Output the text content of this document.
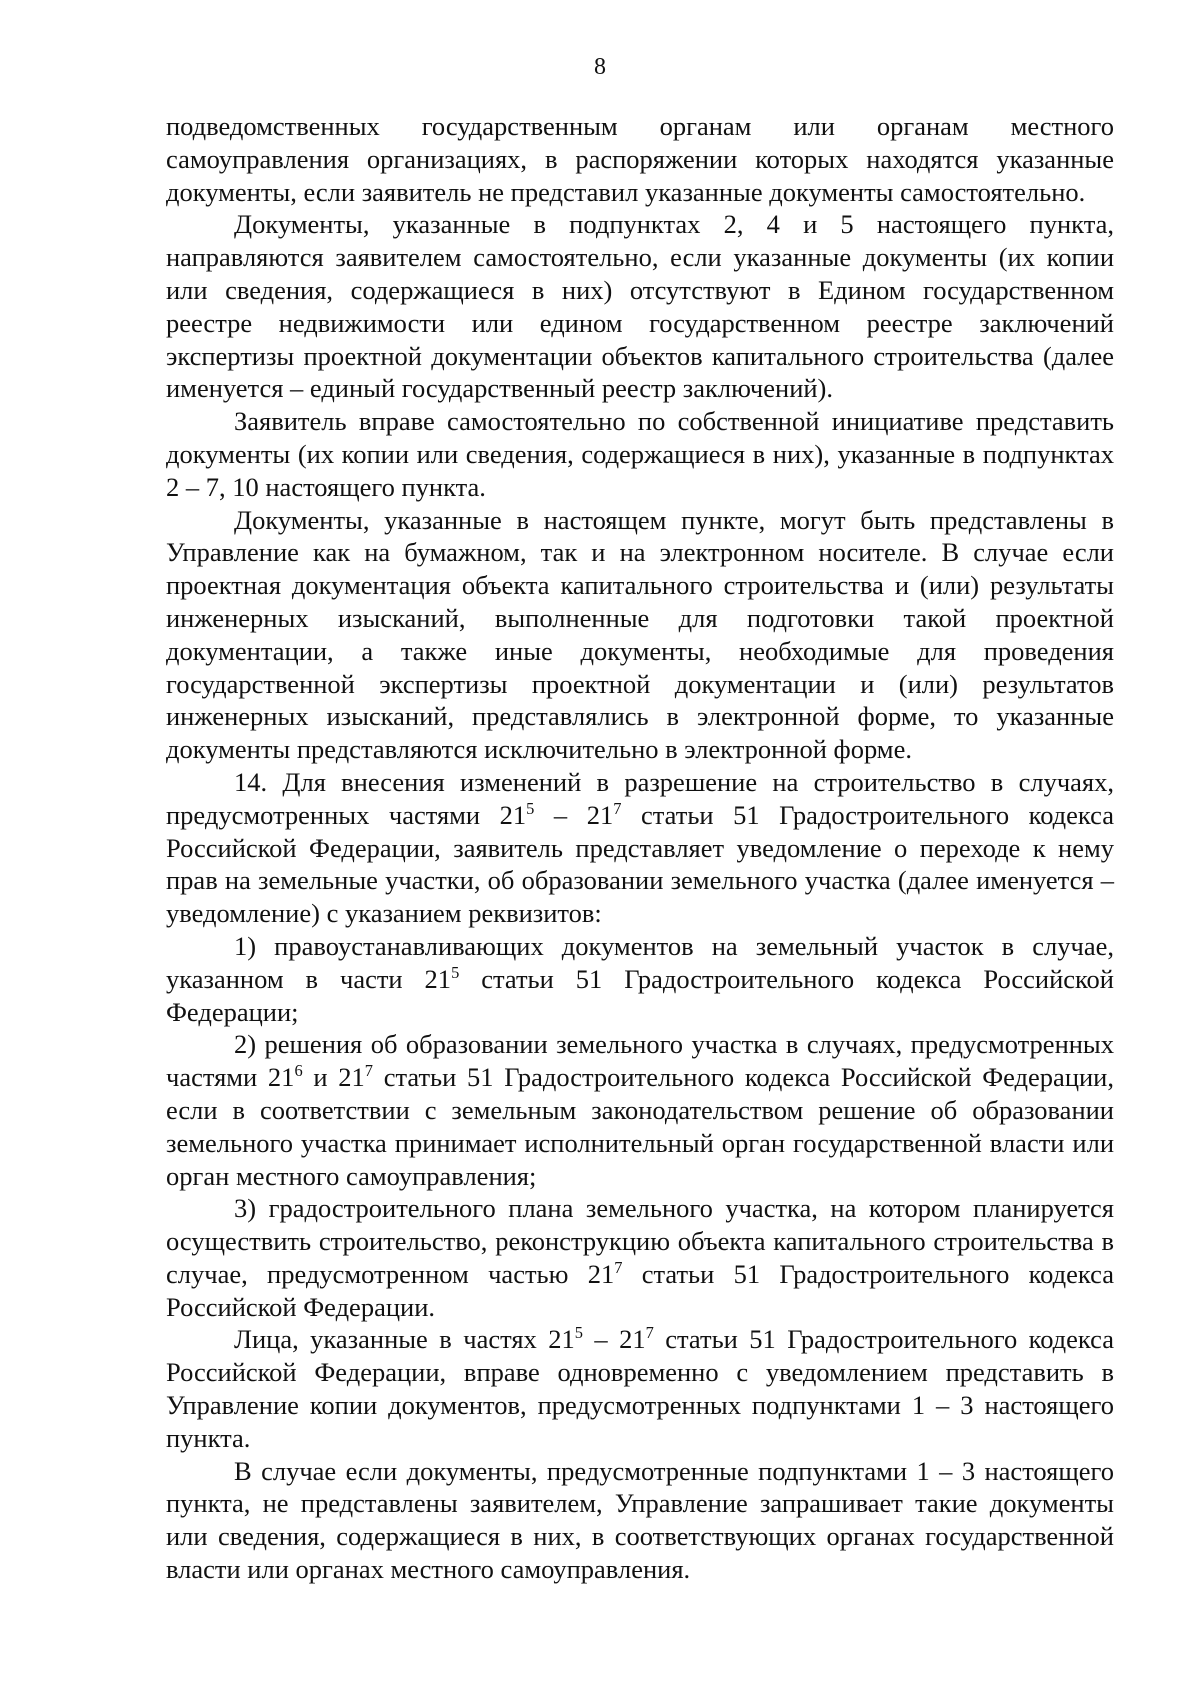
8

подведомственных государственным органам или органам местного самоуправления организациях, в распоряжении которых находятся указанные документы, если заявитель не представил указанные документы самостоятельно.

Документы, указанные в подпунктах 2, 4 и 5 настоящего пункта, направляются заявителем самостоятельно, если указанные документы (их копии или сведения, содержащиеся в них) отсутствуют в Едином государственном реестре недвижимости или едином государственном реестре заключений экспертизы проектной документации объектов капитального строительства (далее именуется – единый государственный реестр заключений).

Заявитель вправе самостоятельно по собственной инициативе представить документы (их копии или сведения, содержащиеся в них), указанные в подпунктах 2 – 7, 10 настоящего пункта.

Документы, указанные в настоящем пункте, могут быть представлены в Управление как на бумажном, так и на электронном носителе. В случае если проектная документация объекта капитального строительства и (или) результаты инженерных изысканий, выполненные для подготовки такой проектной документации, а также иные документы, необходимые для проведения государственной экспертизы проектной документации и (или) результатов инженерных изысканий, представлялись в электронной форме, то указанные документы представляются исключительно в электронной форме.

14. Для внесения изменений в разрешение на строительство в случаях, предусмотренных частями $21^5 - 21^7$ статьи 51 Градостроительного кодекса Российской Федерации, заявитель представляет уведомление о переходе к нему прав на земельные участки, об образовании земельного участка (далее именуется – уведомление) с указанием реквизитов:

1) правоустанавливающих документов на земельный участок в случае, указанном в части $21^5$ статьи 51 Градостроительного кодекса Российской Федерации;

2) решения об образовании земельного участка в случаях, предусмотренных частями $21^6$ и $21^7$ статьи 51 Градостроительного кодекса Российской Федерации, если в соответствии с земельным законодательством решение об образовании земельного участка принимает исполнительный орган государственной власти или орган местного самоуправления;

3) градостроительного плана земельного участка, на котором планируется осуществить строительство, реконструкцию объекта капитального строительства в случае, предусмотренном частью $21^7$ статьи 51 Градостроительного кодекса Российской Федерации.

Лица, указанные в частях $21^5 - 21^7$ статьи 51 Градостроительного кодекса Российской Федерации, вправе одновременно с уведомлением представить в Управление копии документов, предусмотренных подпунктами 1 – 3 настоящего пункта.

В случае если документы, предусмотренные подпунктами 1 – 3 настоящего пункта, не представлены заявителем, Управление запрашивает такие документы или сведения, содержащиеся в них, в соответствующих органах государственной власти или органах местного самоуправления.
